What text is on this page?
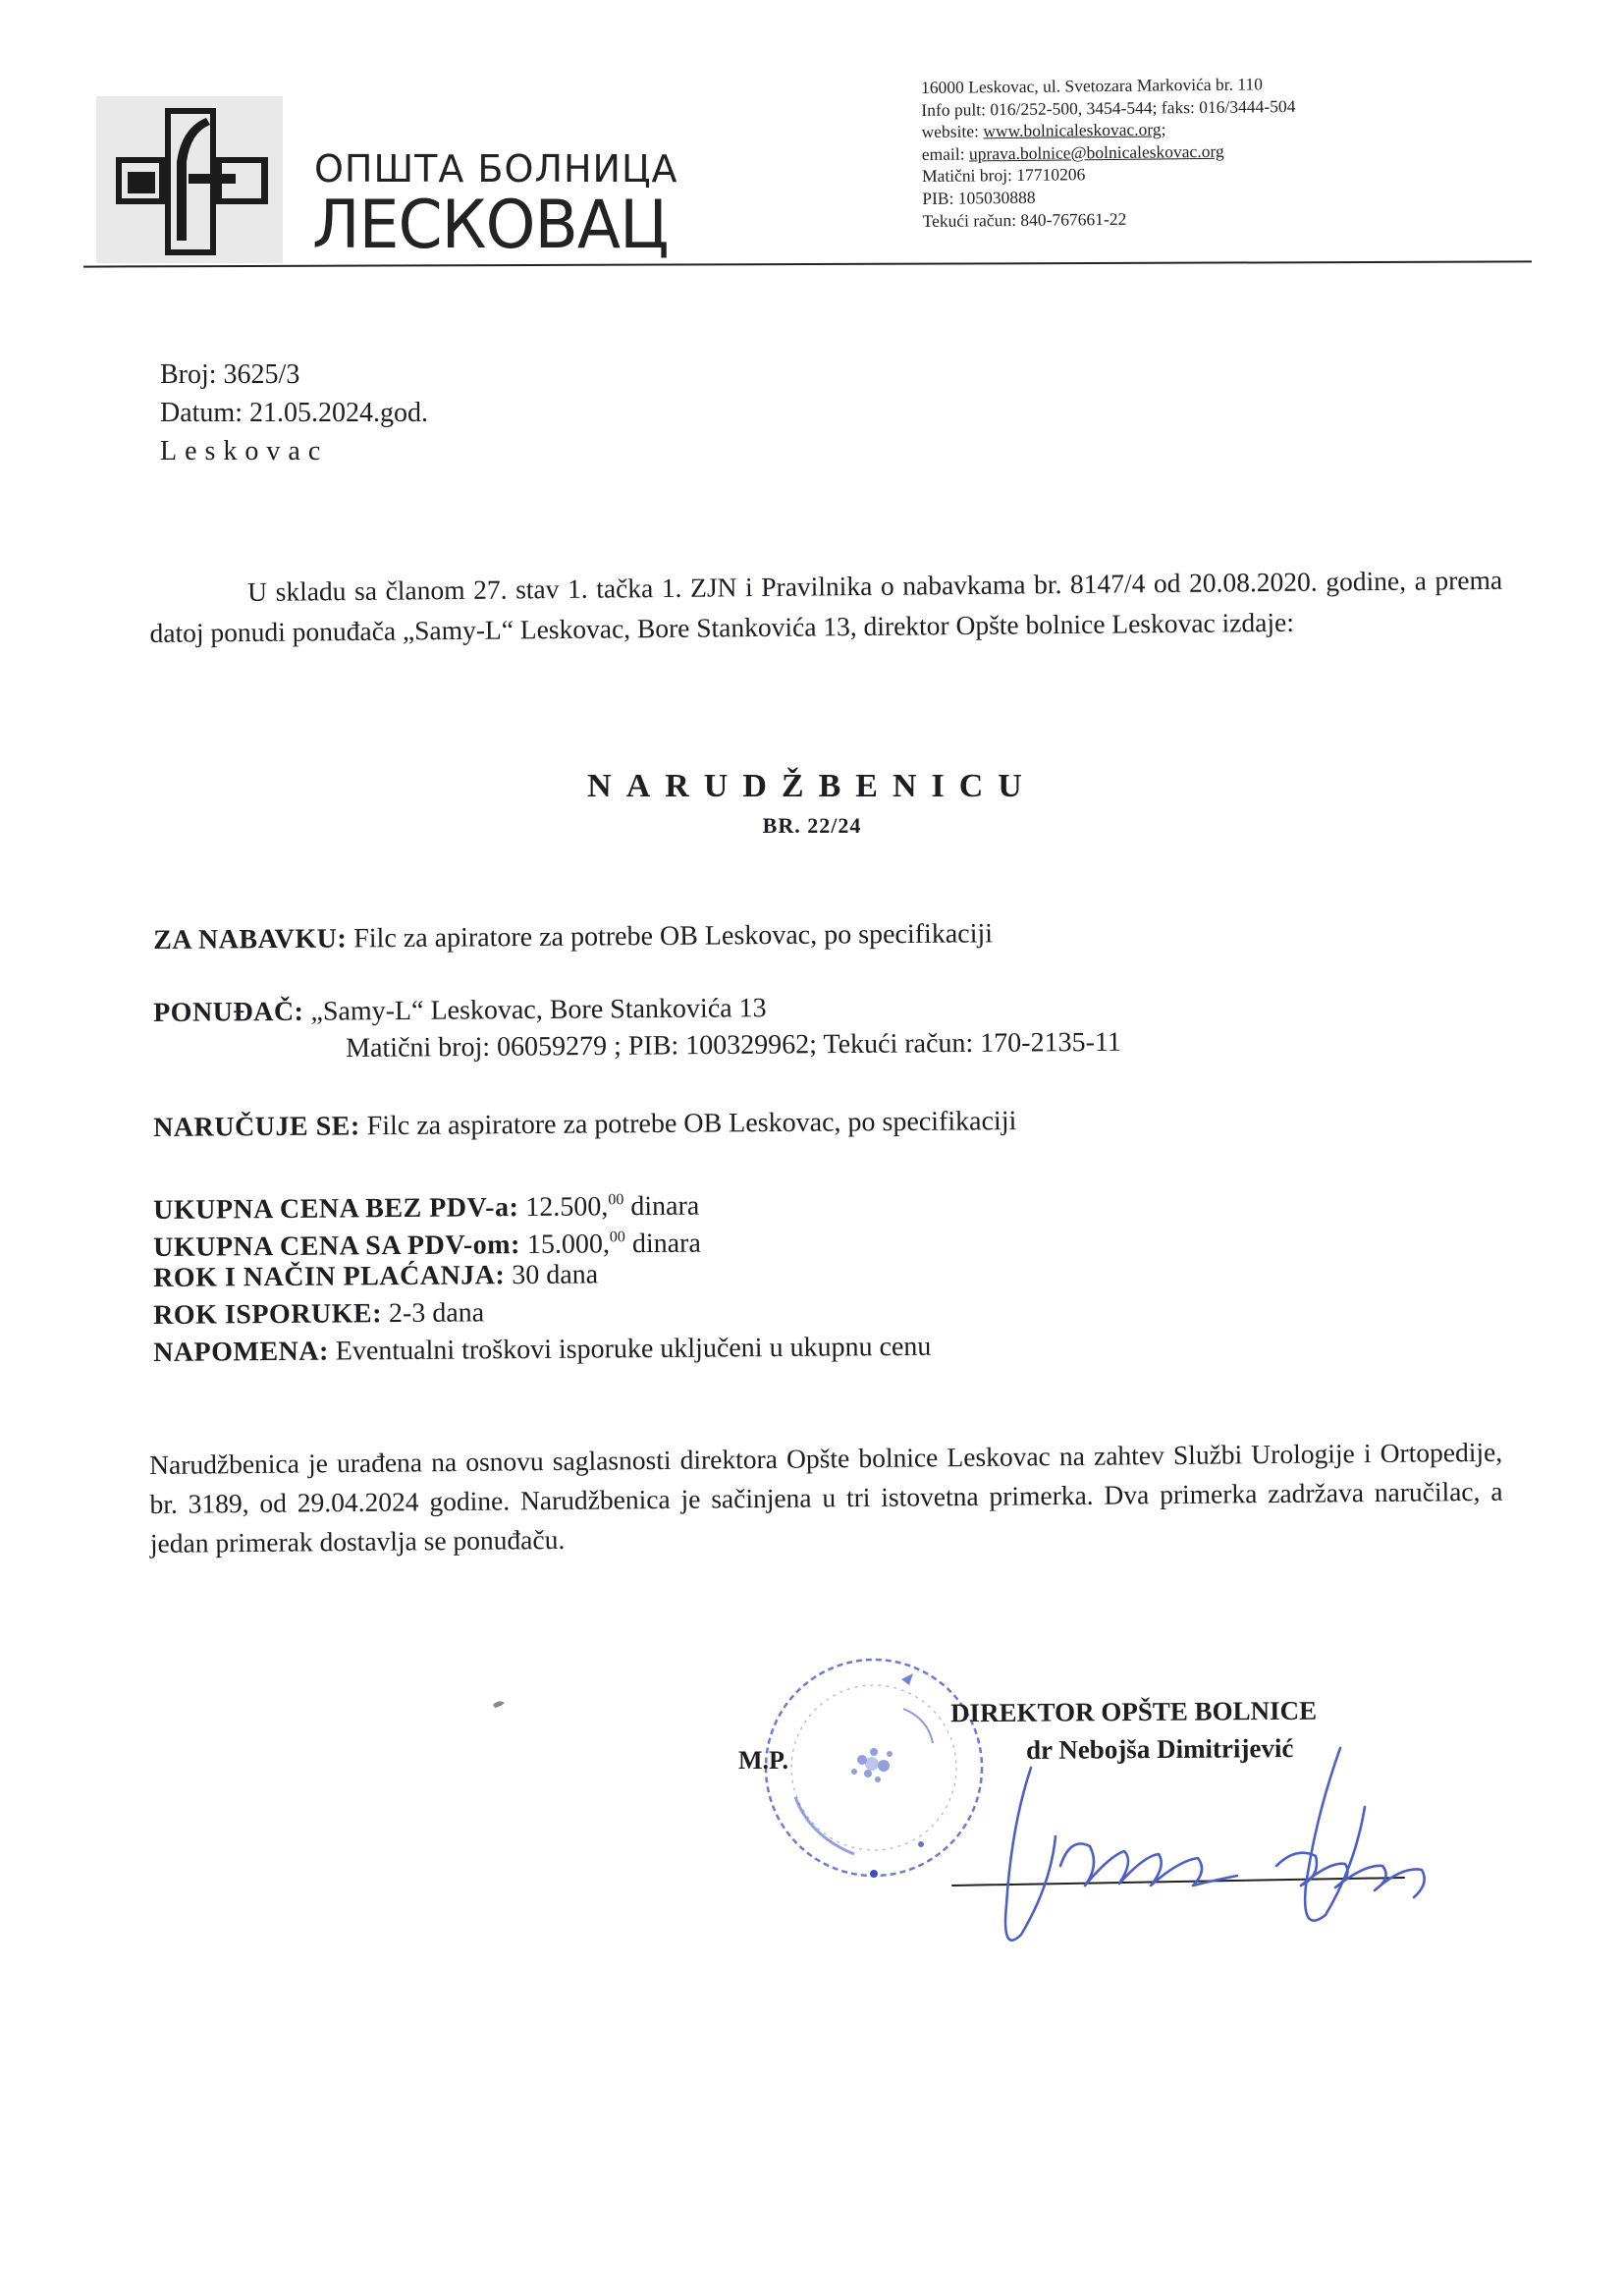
ОПШТА БОЛНИЦА
ЛЕСКОВАЦ
16000 Leskovac, ul. Svetozara Markovića br. 110
Info pult: 016/252-500, 3454-544; faks: 016/3444-504
website: www.bolnicaleskovac.org;
email: uprava.bolnice@bolnicaleskovac.org
Matični broj: 17710206
PIB: 105030888
Tekući račun: 840-767661-22
Broj: 3625/3
Datum: 21.05.2024.god.
Leskovac

U skladu sa članom 27. stav 1. tačka 1. ZJN i Pravilnika o nabavkama br. 8147/4 od 20.08.2020. godine, a prema datoj ponudi ponuđača „Samy-L“ Leskovac, Bore Stankovića 13, direktor Opšte bolnice Leskovac izdaje:

NARUDŽBENICU
BR. 22/24
ZA NABAVKU: Filc za apiratore za potrebe OB Leskovac, po specifikaciji
PONUĐAČ: „Samy-L“ Leskovac, Bore Stankovića 13
Matični broj: 06059279 ; PIB: 100329962; Tekući račun: 170-2135-11
NARUČUJE SE: Filc za aspiratore za potrebe OB Leskovac, po specifikaciji
UKUPNA CENA BEZ PDV-a: 12.500,00 dinara
UKUPNA CENA SA PDV-om: 15.000,00 dinara
ROK I NAČIN PLAĆANJA: 30 dana
ROK ISPORUKE: 2-3 dana
NAPOMENA: Eventualni troškovi isporuke uključeni u ukupnu cenu

Narudžbenica je urađena na osnovu saglasnosti direktora Opšte bolnice Leskovac na zahtev Službi Urologije i Ortopedije, br. 3189, od 29.04.2024 godine. Narudžbenica je sačinjena u tri istovetna primerka. Dva primerka zadržava naručilac, a jedan primerak dostavlja se ponuđaču.

M.P.
DIREKTOR OPŠTE BOLNICE
dr Nebojša Dimitrijević
